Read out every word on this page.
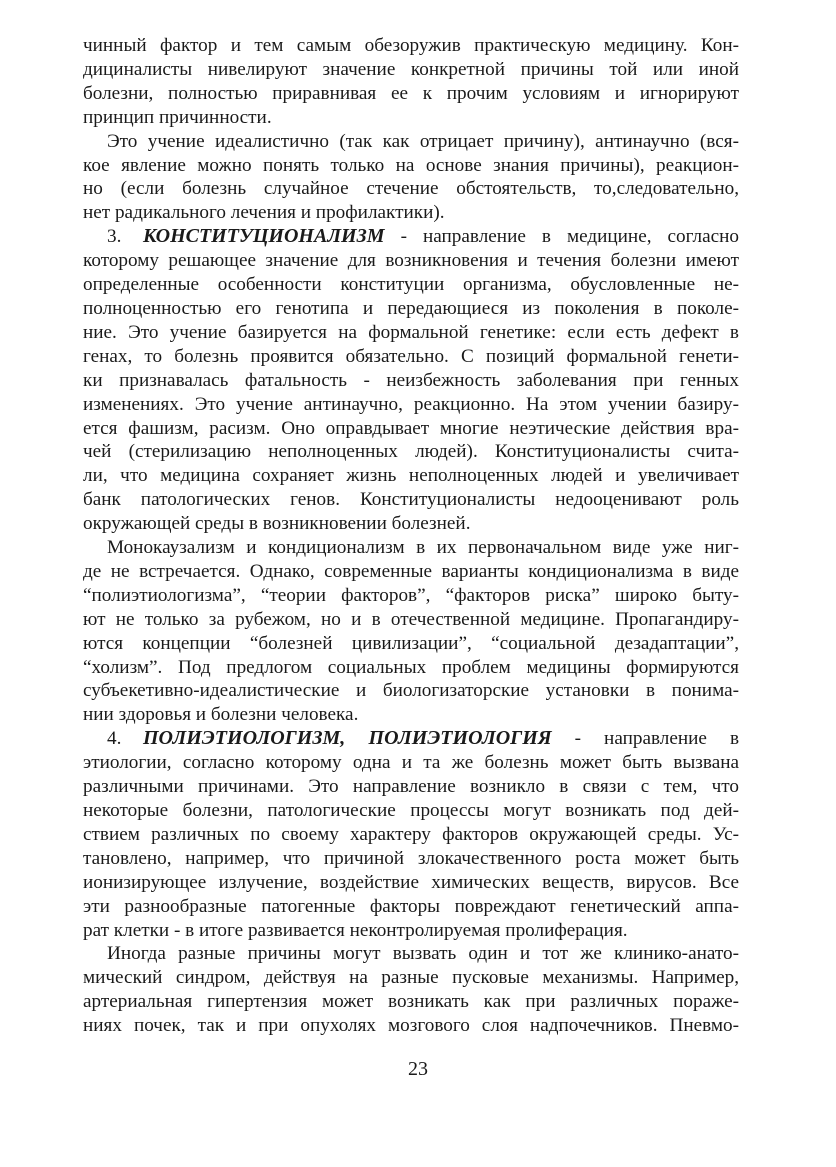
чинный фактор и тем самым обезоружив практическую медицину. Кон-
дициналисты нивелируют значение конкретной причины той или иной
болезни, полностью приравнивая ее к прочим условиям и игнорируют
принцип причинности.
Это учение идеалистично (так как отрицает причину), антинаучно (вся-
кое явление можно понять только на основе знания причины), реакцион-
но (если болезнь случайное стечение обстоятельств, то,следовательно,
нет радикального лечения и профилактики).
3. КОНСТИТУЦИОНАЛИЗМ - направление в медицине, согласно
которому решающее значение для возникновения и течения болезни имеют
определенные особенности конституции организма, обусловленные не-
полноценностью его генотипа и передающиеся из поколения в поколе-
ние. Это учение базируется на формальной генетике: если есть дефект в
генах, то болезнь проявится обязательно. С позиций формальной генети-
ки признавалась фатальность - неизбежность заболевания при генных
изменениях. Это учение антинаучно, реакционно. На этом учении базиру-
ется фашизм, расизм. Оно оправдывает многие неэтические действия вра-
чей (стерилизацию неполноценных людей). Конституционалисты счита-
ли, что медицина сохраняет жизнь неполноценных людей и увеличивает
банк патологических генов. Конституционалисты недооценивают роль
окружающей среды в возникновении болезней.
Монокаузализм и кондиционализм в их первоначальном виде уже ниг-
де не встречается. Однако, современные варианты кондиционализма в виде
“полиэтиологизма”, “теории факторов”, “факторов риска” широко быту-
ют не только за рубежом, но и в отечественной медицине. Пропагандиру-
ются концепции “болезней цивилизации”, “социальной дезадаптации”,
“холизм”. Под предлогом социальных проблем медицины формируются
субъекетивно-идеалистические и биологизаторские установки в понима-
нии здоровья и болезни человека.
4. ПОЛИЭТИОЛОГИЗМ, ПОЛИЭТИОЛОГИЯ - направление в
этиологии, согласно которому одна и та же болезнь может быть вызвана
различными причинами. Это направление возникло в связи с тем, что
некоторые болезни, патологические процессы могут возникать под дей-
ствием различных по своему характеру факторов окружающей среды. Ус-
тановлено, например, что причиной злокачественного роста может быть
ионизирующее излучение, воздействие химических веществ, вирусов. Все
эти разнообразные патогенные факторы повреждают генетический аппа-
рат клетки - в итоге развивается неконтролируемая пролиферация.
Иногда разные причины могут вызвать один и тот же клинико-анато-
мический синдром, действуя на разные пусковые механизмы. Например,
артериальная гипертензия может возникать как при различных пораже-
ниях почек, так и при опухолях мозгового слоя надпочечников. Пневмо-
23
